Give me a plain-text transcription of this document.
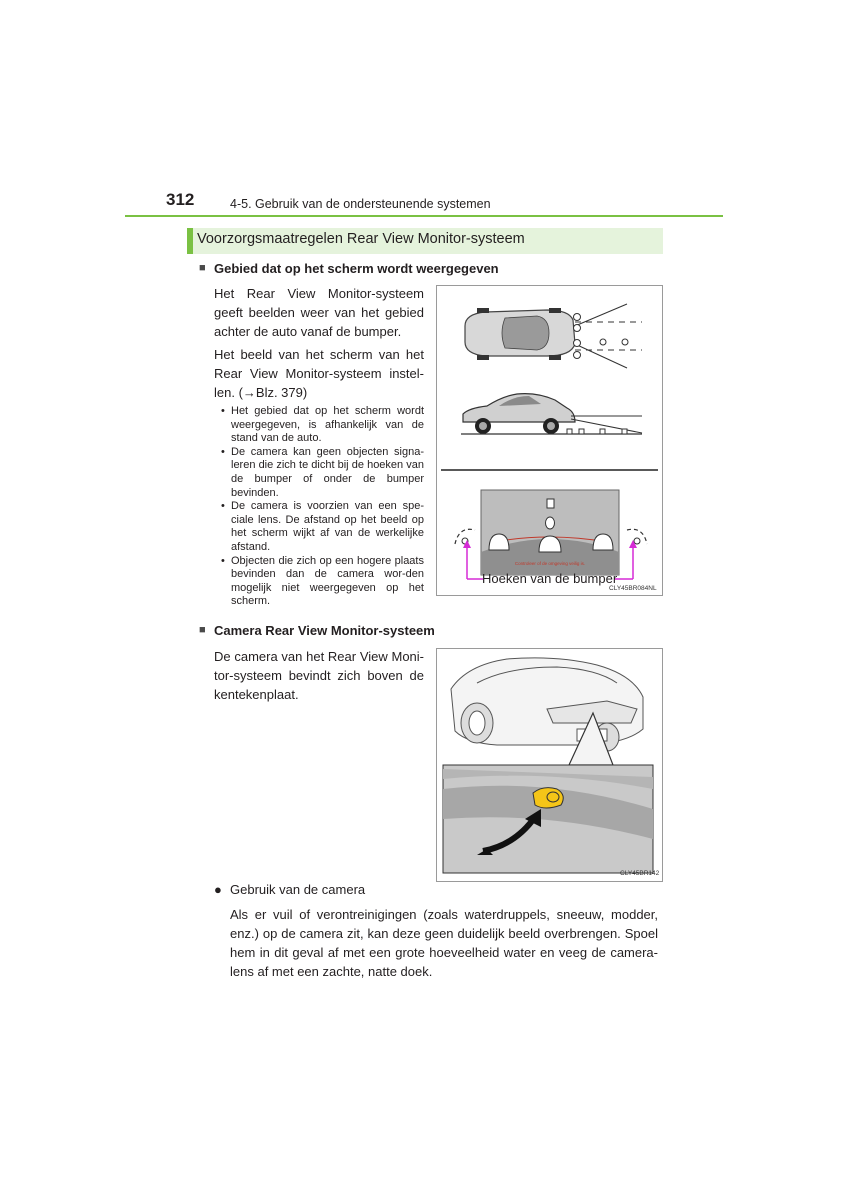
312	4-5. Gebruik van de ondersteunende systemen
Voorzorgsmaatregelen Rear View Monitor-systeem
■ Gebied dat op het scherm wordt weergegeven
Het Rear View Monitor-systeem geeft beelden weer van het gebied achter de auto vanaf de bumper.
Het beeld van het scherm van het Rear View Monitor-systeem instel-len. (→Blz. 379)
• Het gebied dat op het scherm wordt weergegeven, is afhankelijk van de stand van de auto.
• De camera kan geen objecten signa-leren die zich te dicht bij de hoeken van de bumper of onder de bumper bevinden.
• De camera is voorzien van een spe-ciale lens. De afstand op het beeld op het scherm wijkt af van de werkelijke afstand.
• Objecten die zich op een hogere plaats bevinden dan de camera wor-den mogelijk niet weergegeven op het scherm.
Controleer of de omgeving veilig is.
Hoeken van de bumper
CLY45BR084NL
■ Camera Rear View Monitor-systeem
De camera van het Rear View Moni-tor-systeem bevindt zich boven de kentekenplaat.
CLY45BR142
● Gebruik van de camera
Als er vuil of verontreinigingen (zoals waterdruppels, sneeuw, modder, enz.) op de camera zit, kan deze geen duidelijk beeld overbrengen. Spoel hem in dit geval af met een grote hoeveelheid water en veeg de camera-lens af met een zachte, natte doek.
